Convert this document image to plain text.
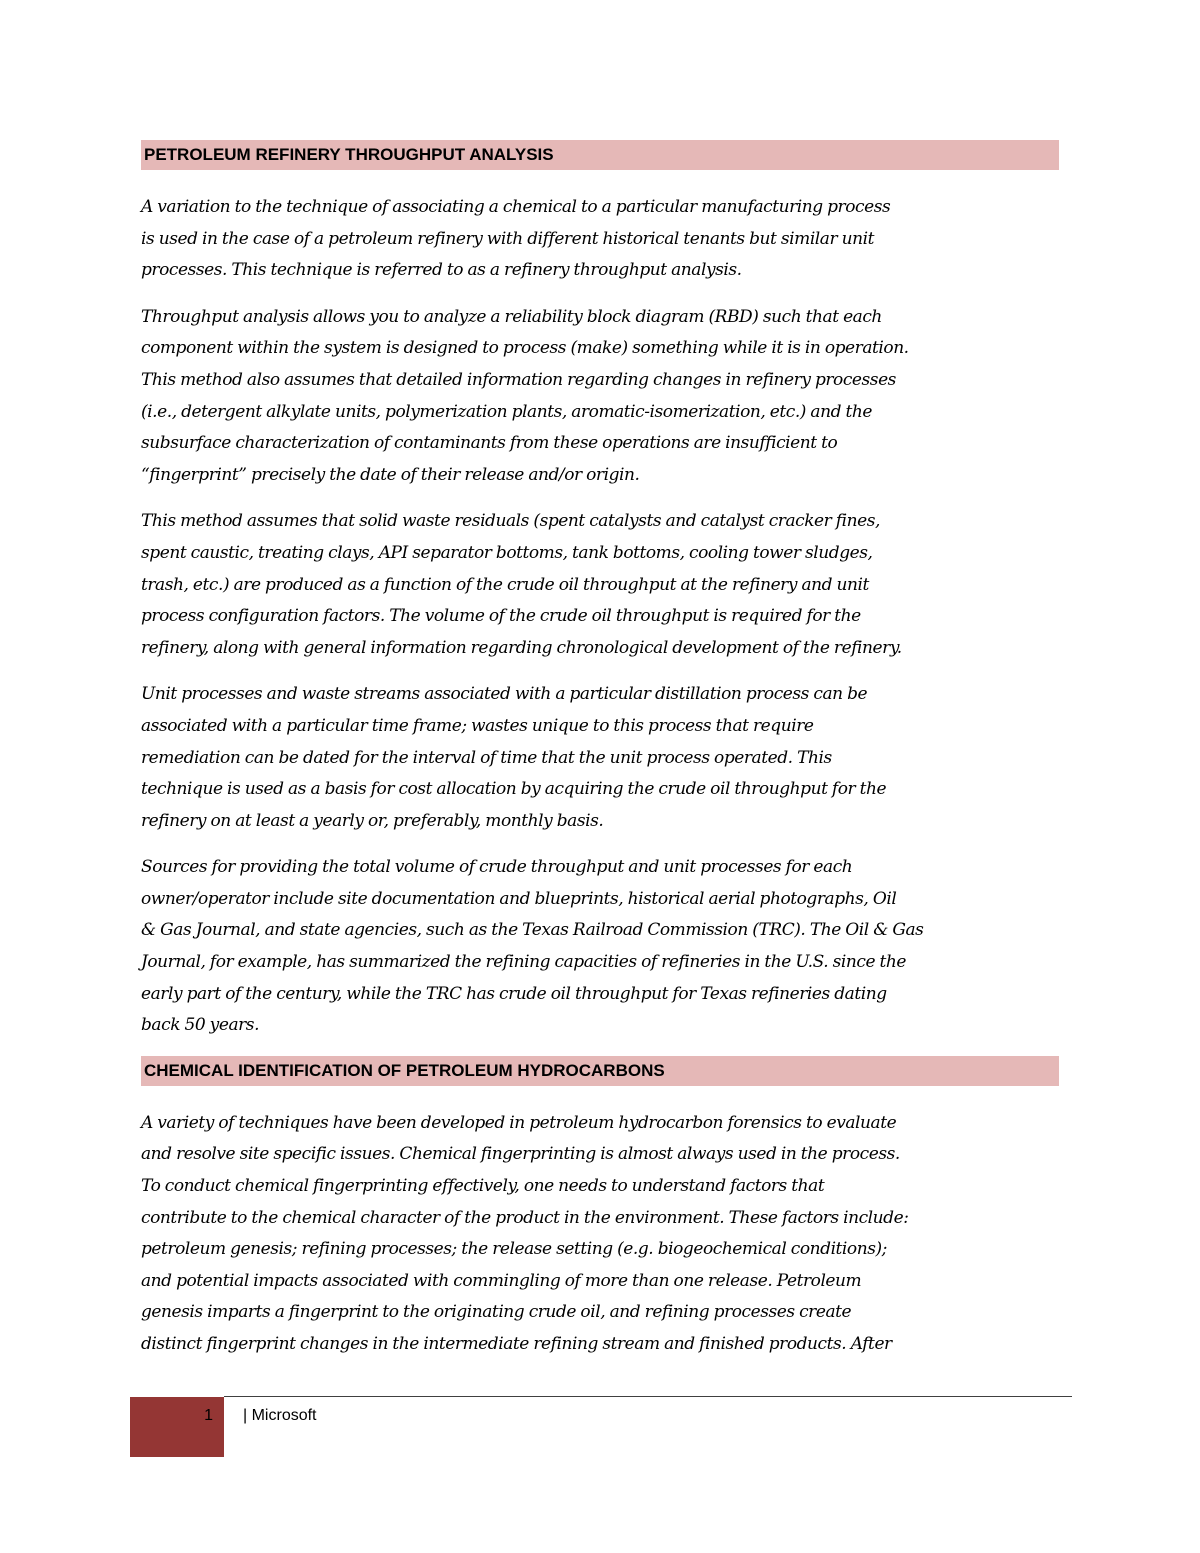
PETROLEUM REFINERY THROUGHPUT ANALYSIS

A variation to the technique of associating a chemical to a particular manufacturing process
is used in the case of a petroleum refinery with different historical tenants but similar unit
processes. This technique is referred to as a refinery throughput analysis.

Throughput analysis allows you to analyze a reliability block diagram (RBD) such that each
component within the system is designed to process (make) something while it is in operation.
This method also assumes that detailed information regarding changes in refinery processes
(i.e., detergent alkylate units, polymerization plants, aromatic-isomerization, etc.) and the
subsurface characterization of contaminants from these operations are insufficient to
“fingerprint” precisely the date of their release and/or origin.

This method assumes that solid waste residuals (spent catalysts and catalyst cracker fines,
spent caustic, treating clays, API separator bottoms, tank bottoms, cooling tower sludges,
trash, etc.) are produced as a function of the crude oil throughput at the refinery and unit
process configuration factors. The volume of the crude oil throughput is required for the
refinery, along with general information regarding chronological development of the refinery.

Unit processes and waste streams associated with a particular distillation process can be
associated with a particular time frame; wastes unique to this process that require
remediation can be dated for the interval of time that the unit process operated. This
technique is used as a basis for cost allocation by acquiring the crude oil throughput for the
refinery on at least a yearly or, preferably, monthly basis.

Sources for providing the total volume of crude throughput and unit processes for each
owner/operator include site documentation and blueprints, historical aerial photographs, Oil
& Gas Journal, and state agencies, such as the Texas Railroad Commission (TRC). The Oil & Gas
Journal, for example, has summarized the refining capacities of refineries in the U.S. since the
early part of the century, while the TRC has crude oil throughput for Texas refineries dating
back 50 years.

CHEMICAL IDENTIFICATION OF PETROLEUM HYDROCARBONS

A variety of techniques have been developed in petroleum hydrocarbon forensics to evaluate
and resolve site specific issues. Chemical fingerprinting is almost always used in the process.
To conduct chemical fingerprinting effectively, one needs to understand factors that
contribute to the chemical character of the product in the environment. These factors include:
petroleum genesis; refining processes; the release setting (e.g. biogeochemical conditions);
and potential impacts associated with commingling of more than one release. Petroleum
genesis imparts a fingerprint to the originating crude oil, and refining processes create
distinct fingerprint changes in the intermediate refining stream and finished products. After

1 | Microsoft
